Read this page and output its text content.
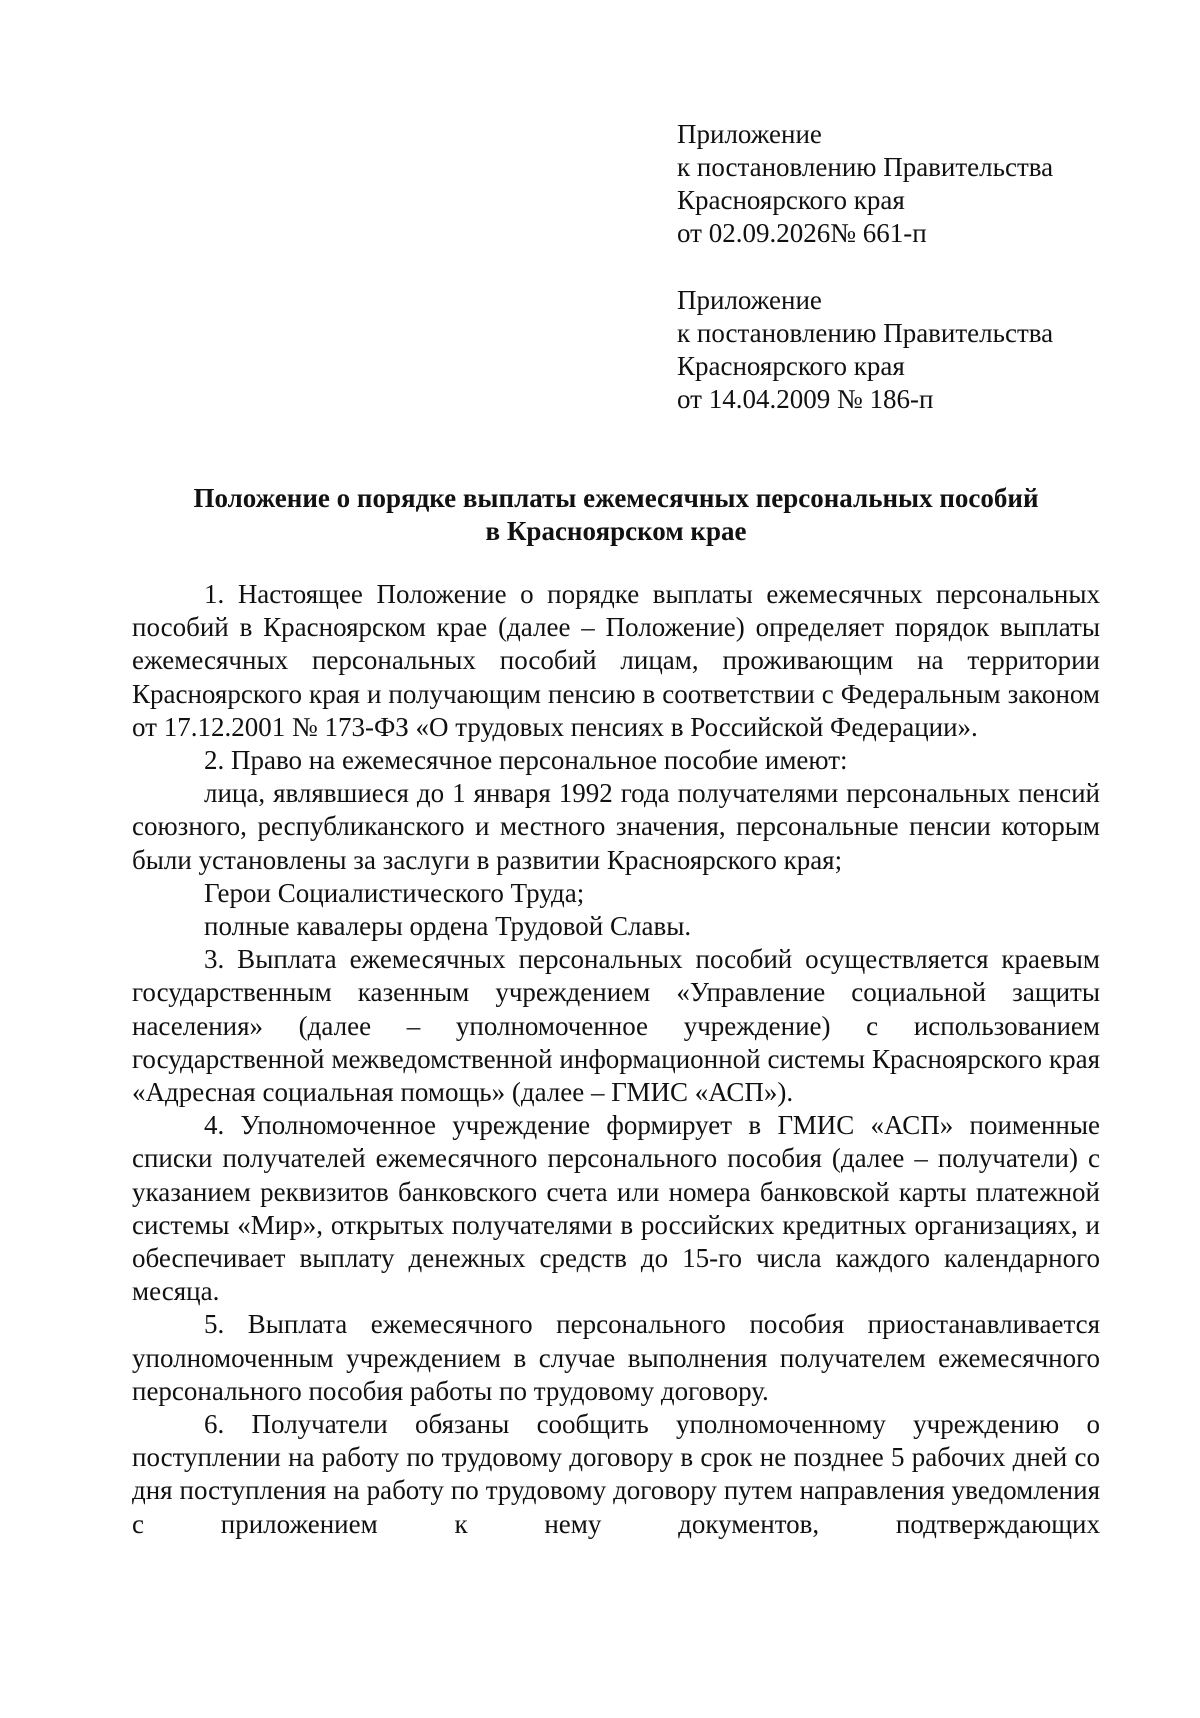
Приложение
к постановлению Правительства
Красноярского края
от 02.09.2026№ 661-п
Приложение
к постановлению Правительства
Красноярского края
от 14.04.2009 № 186-п
Положение о порядке выплаты ежемесячных персональных пособий
в Красноярском крае

1. Настоящее Положение о порядке выплаты ежемесячных персональных пособий в Красноярском крае (далее – Положение) определяет порядок выплаты ежемесячных персональных пособий лицам, проживающим на территории Красноярского края и получающим пенсию в соответствии с Федеральным законом от 17.12.2001 № 173-ФЗ «О трудовых пенсиях в Российской Федерации».

2. Право на ежемесячное персональное пособие имеют:

лица, являвшиеся до 1 января 1992 года получателями персональных пенсий союзного, республиканского и местного значения, персональные пенсии которым были установлены за заслуги в развитии Красноярского края;

Герои Социалистического Труда;

полные кавалеры ордена Трудовой Славы.

3. Выплата ежемесячных персональных пособий осуществляется краевым государственным казенным учреждением «Управление социальной защиты населения» (далее – уполномоченное учреждение) с использованием государственной межведомственной информационной системы Красноярского края «Адресная социальная помощь» (далее – ГМИС «АСП»).

4. Уполномоченное учреждение формирует в ГМИС «АСП» поименные списки получателей ежемесячного персонального пособия (далее – получатели) с указанием реквизитов банковского счета или номера банковской карты платежной системы «Мир», открытых получателями в российских кредитных организациях, и обеспечивает выплату денежных средств до 15-го числа каждого календарного месяца.

5. Выплата ежемесячного персонального пособия приостанавливается уполномоченным учреждением в случае выполнения получателем ежемесячного персонального пособия работы по трудовому договору.

6. Получатели обязаны сообщить уполномоченному учреждению о поступлении на работу по трудовому договору в срок не позднее 5 рабочих дней со дня поступления на работу по трудовому договору путем направления уведомления с приложением к нему документов, подтверждающих
